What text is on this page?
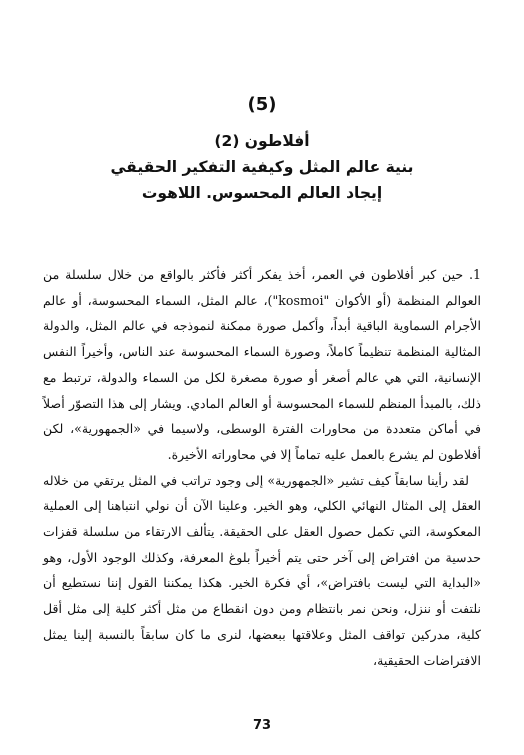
(5)
أفلاطون (2)
بنية عالم المثل وكيفية التفكير الحقيقي
إيجاد العالم المحسوس. اللاهوت

1. حين كبر أفلاطون في العمر، أخذ يفكر أكثر فأكثر بالواقع من خلال سلسلة من العوالم المنظمة (أو الأكوان "kosmoi")، عالم المثل، السماء المحسوسة، أو عالم الأجرام السماوية الباقية أبداً، وأكمل صورة ممكنة لنموذجه في عالم المثل، والدولة المثالية المنظمة تنظيماً كاملاً، وصورة السماء المحسوسة عند الناس، وأخيراً النفس الإنسانية، التي هي عالم أصغر أو صورة مصغرة لكل من السماء والدولة، ترتبط مع ذلك، بالمبدأ المنظم للسماء المحسوسة أو العالم المادي. ويشار إلى هذا التصوّر أصلاً في أماكن متعددة من محاورات الفترة الوسطى، ولاسيما في «الجمهورية»، لكن أفلاطون لم يشرع بالعمل عليه تماماً إلا في محاوراته الأخيرة.

لقد رأينا سابقاً كيف تشير «الجمهورية» إلى وجود تراتب في المثل يرتقي من خلاله العقل إلى المثال النهائي الكلي، وهو الخير. وعلينا الآن أن نولي انتباهنا إلى العملية المعكوسة، التي تكمل حصول العقل على الحقيقة. يتألف الارتقاء من سلسلة قفزات حدسية من افتراض إلى آخر حتى يتم أخيراً بلوغ المعرفة، وكذلك الوجود الأول، وهو «البداية التي ليست بافتراض»، أي فكرة الخير. هكذا يمكننا القول إننا نستطيع أن نلتفت أو ننزل، ونحن نمر بانتظام ومن دون انقطاع من مثل أكثر كلية إلى مثل أقل كلية، مدركين تواقف المثل وعلاقتها ببعضها، لنرى ما كان سابقاً بالنسبة إلينا يمثل الافتراضات الحقيقية،

73
